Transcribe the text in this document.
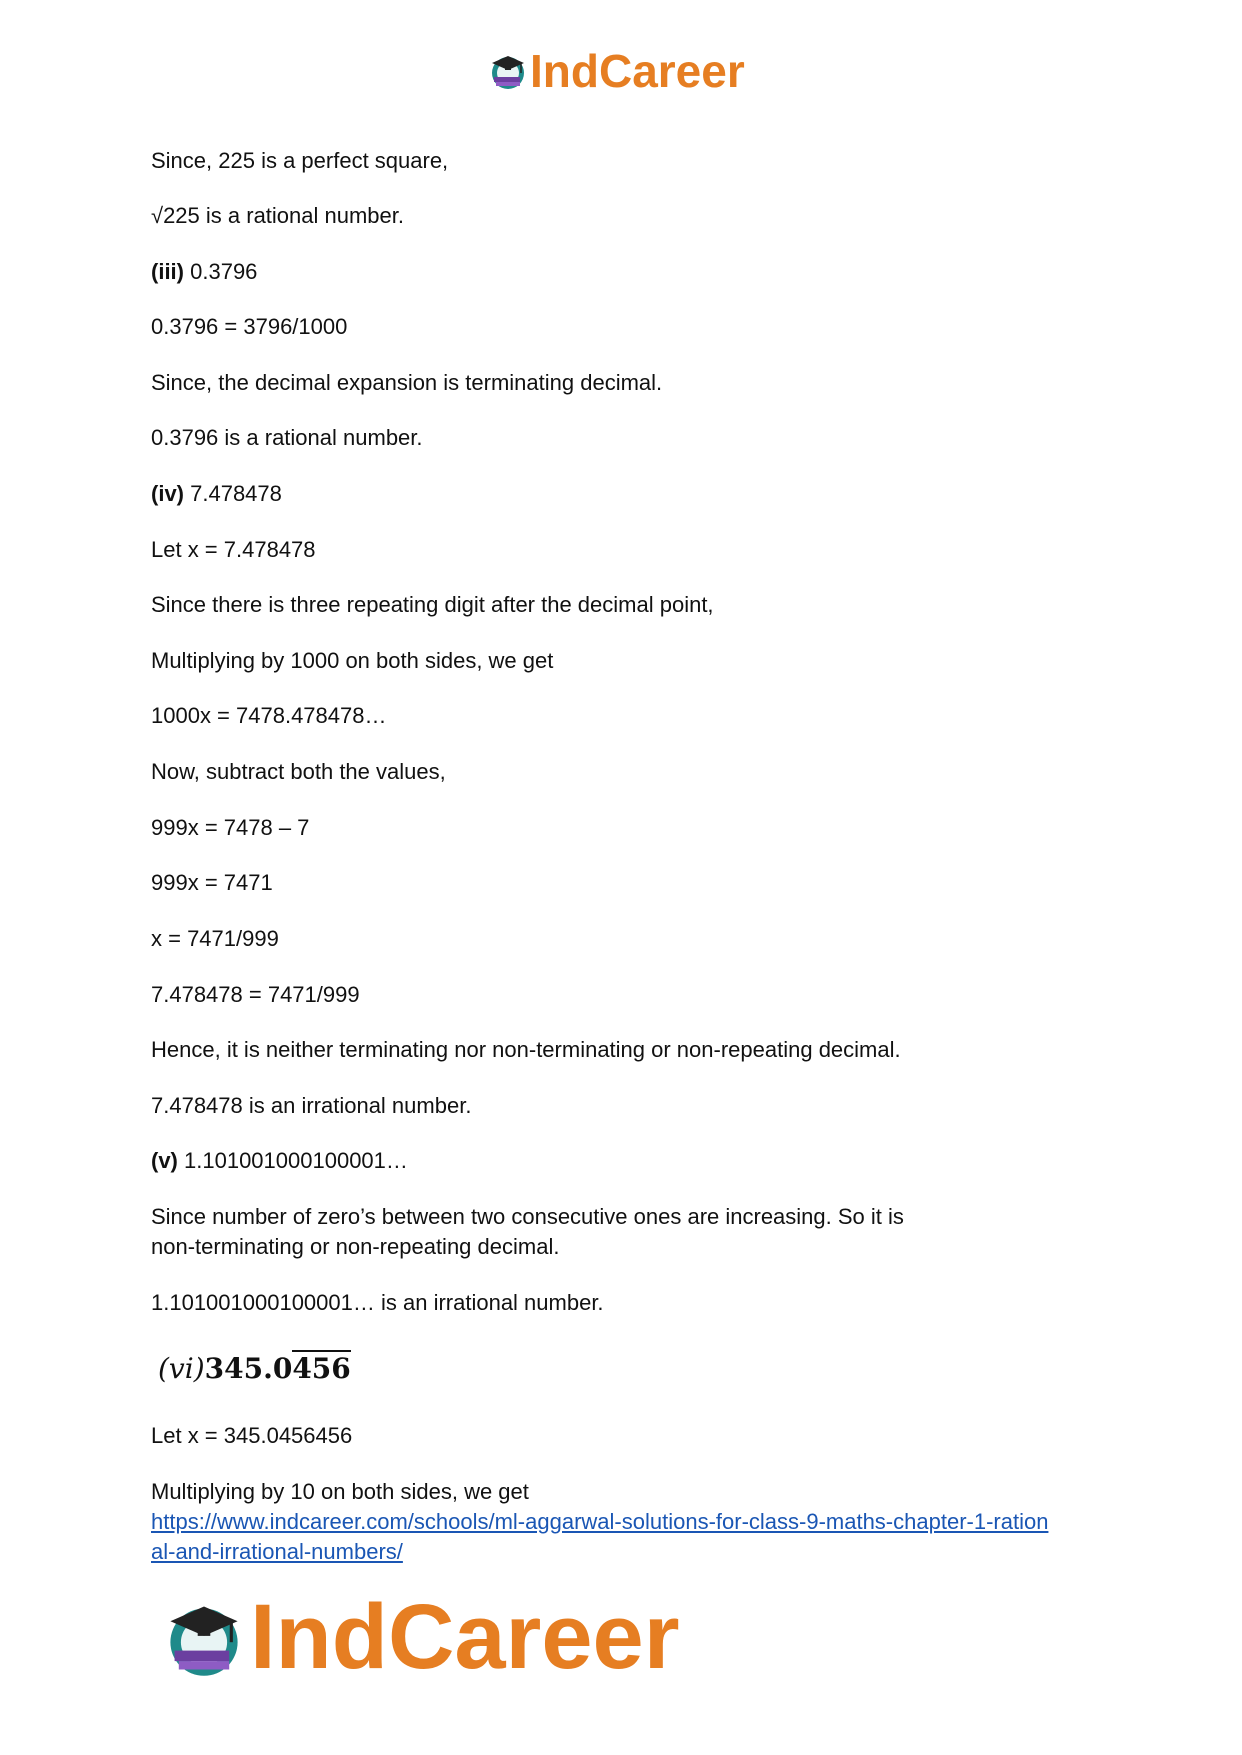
IndCareer
Since, 225 is a perfect square,
√225 is a rational number.
(iii) 0.3796
0.3796 = 3796/1000
Since, the decimal expansion is terminating decimal.
0.3796 is a rational number.
(iv) 7.478478
Let x = 7.478478
Since there is three repeating digit after the decimal point,
Multiplying by 1000 on both sides, we get
1000x = 7478.478478…
Now, subtract both the values,
999x = 7478 – 7
999x = 7471
x = 7471/999
7.478478 = 7471/999
Hence, it is neither terminating nor non-terminating or non-repeating decimal.
7.478478 is an irrational number.
(v) 1.101001000100001…
Since number of zero’s between two consecutive ones are increasing. So it is
non-terminating or non-repeating decimal.
1.101001000100001… is an irrational number.
(vi)345.0456
Let x = 345.0456456
Multiplying by 10 on both sides, we get
https://www.indcareer.com/schools/ml-aggarwal-solutions-for-class-9-maths-chapter-1-ration
al-and-irrational-numbers/
IndCareer
